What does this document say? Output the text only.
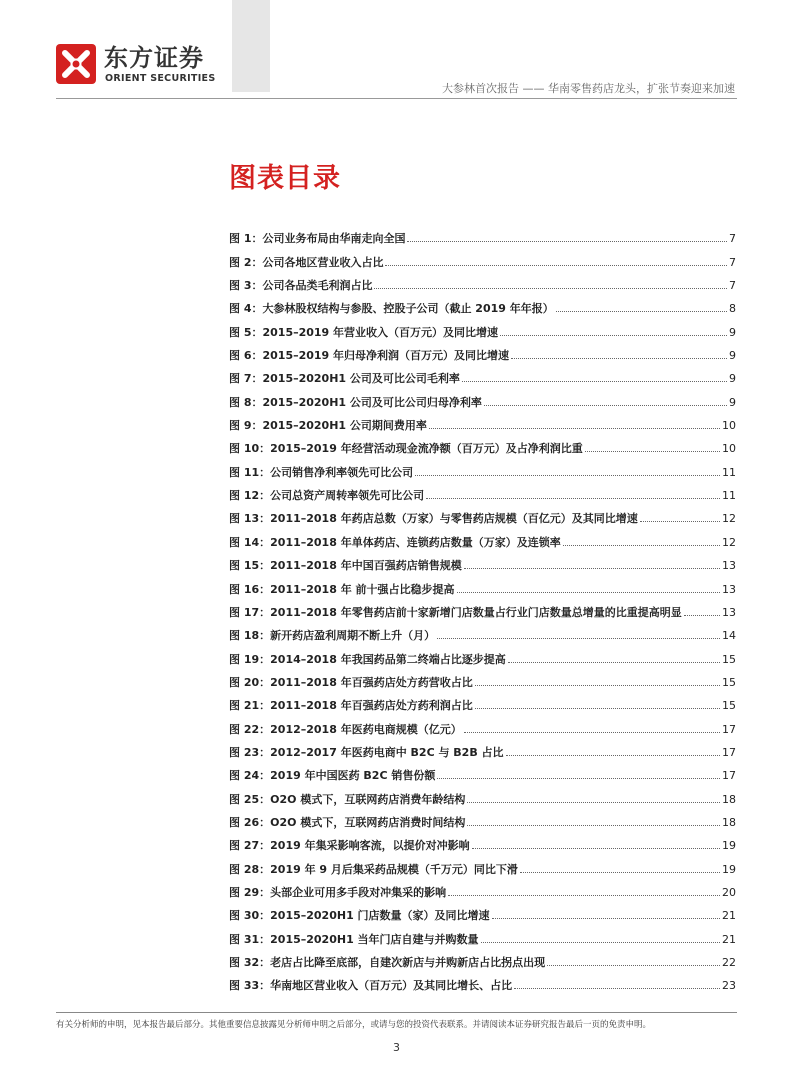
东方证券
ORIENT SECURITIES
大参林首次报告 —— 华南零售药店龙头，扩张节奏迎来加速
图表目录
图 1：公司业务布局由华南走向全国	7
图 2：公司各地区营业收入占比	7
图 3：公司各品类毛利润占比	7
图 4：大参林股权结构与参股、控股子公司（截止 2019 年年报）	8
图 5：2015–2019 年营业收入（百万元）及同比增速	9
图 6：2015–2019 年归母净利润（百万元）及同比增速	9
图 7：2015–2020H1 公司及可比公司毛利率	9
图 8：2015–2020H1 公司及可比公司归母净利率	9
图 9：2015–2020H1 公司期间费用率	10
图 10：2015–2019 年经营活动现金流净额（百万元）及占净利润比重	10
图 11：公司销售净利率领先可比公司	11
图 12：公司总资产周转率领先可比公司	11
图 13：2011–2018 年药店总数（万家）与零售药店规模（百亿元）及其同比增速	12
图 14：2011–2018 年单体药店、连锁药店数量（万家）及连锁率	12
图 15：2011–2018 年中国百强药店销售规模	13
图 16：2011–2018 年 前十强占比稳步提高	13
图 17：2011–2018 年零售药店前十家新增门店数量占行业门店数量总增量的比重提高明显	13
图 18：新开药店盈利周期不断上升（月）	14
图 19：2014–2018 年我国药品第二终端占比逐步提高	15
图 20：2011–2018 年百强药店处方药营收占比	15
图 21：2011–2018 年百强药店处方药利润占比	15
图 22：2012–2018 年医药电商规模（亿元）	17
图 23：2012–2017 年医药电商中 B2C 与 B2B 占比	17
图 24：2019 年中国医药 B2C 销售份额	17
图 25：O2O 模式下，互联网药店消费年龄结构	18
图 26：O2O 模式下，互联网药店消费时间结构	18
图 27：2019 年集采影响客流，以提价对冲影响	19
图 28：2019 年 9 月后集采药品规模（千万元）同比下滑	19
图 29：头部企业可用多手段对冲集采的影响	20
图 30：2015–2020H1 门店数量（家）及同比增速	21
图 31：2015–2020H1 当年门店自建与并购数量	21
图 32：老店占比降至底部，自建次新店与并购新店占比拐点出现	22
图 33：华南地区营业收入（百万元）及其同比增长、占比	23
有关分析师的申明，见本报告最后部分。其他重要信息披露见分析师申明之后部分，或请与您的投资代表联系。并请阅读本证券研究报告最后一页的免责申明。
3
